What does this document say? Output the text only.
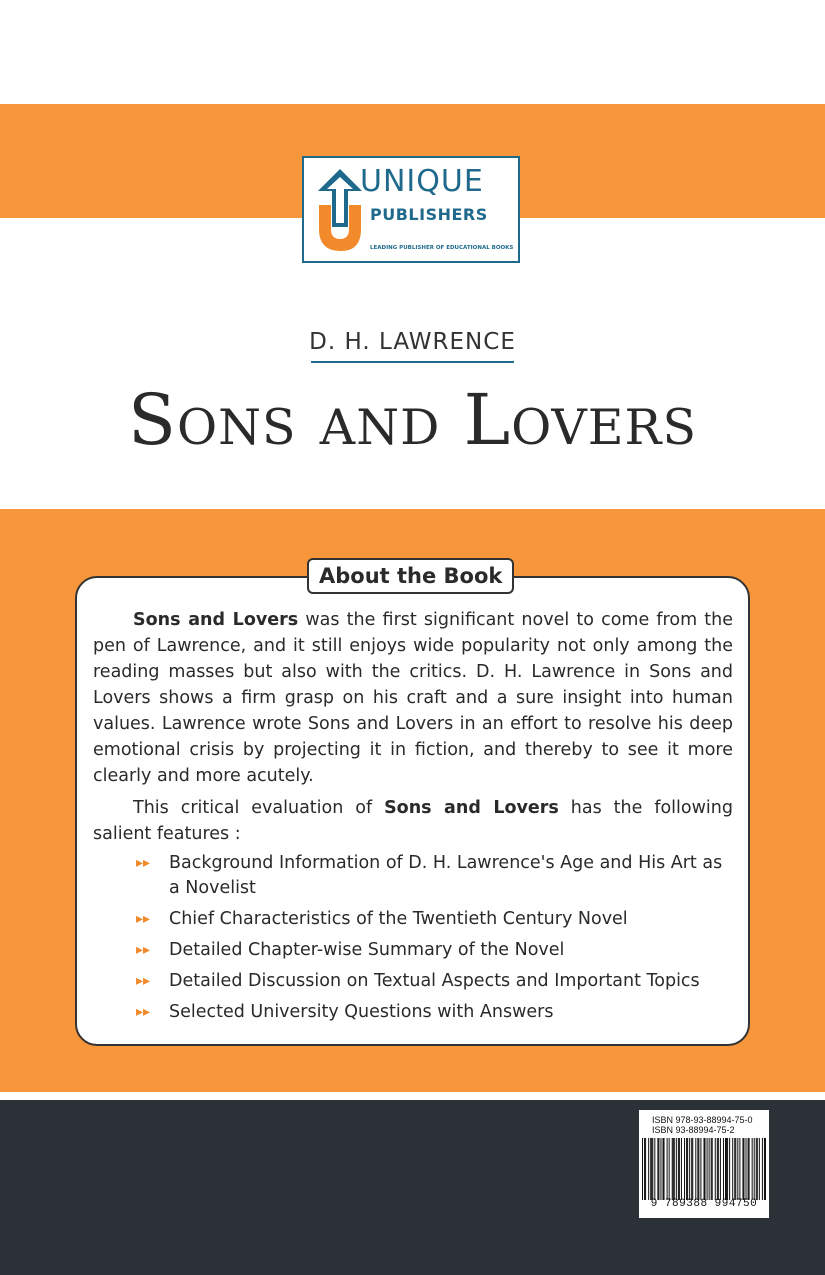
UNIQUE
PUBLISHERS
LEADING PUBLISHER OF EDUCATIONAL BOOKS
D. H. LAWRENCE
Sons and Lovers
About the Book

Sons and Lovers was the first significant novel to come from the pen of Lawrence, and it still enjoys wide popularity not only among the reading masses but also with the critics. D. H. Lawrence in Sons and Lovers shows a firm grasp on his craft and a sure insight into human values. Lawrence wrote Sons and Lovers in an effort to resolve his deep emotional crisis by projecting it in fiction, and thereby to see it more clearly and more acutely.

This critical evaluation of Sons and Lovers has the following salient features :

▸▸ Background Information of D. H. Lawrence's Age and His Art as a Novelist
▸▸ Chief Characteristics of the Twentieth Century Novel
▸▸ Detailed Chapter-wise Summary of the Novel
▸▸ Detailed Discussion on Textual Aspects and Important Topics
▸▸ Selected University Questions with Answers
ISBN 978-93-88994-75-0
ISBN 93-88994-75-2
9 789388 994750
